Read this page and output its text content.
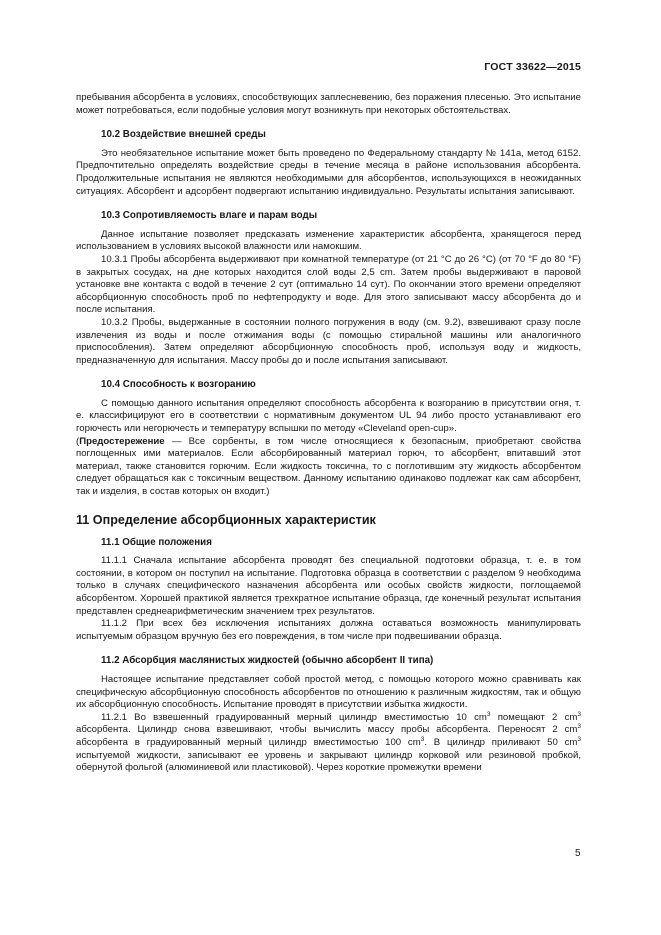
ГОСТ 33622—2015

пребывания абсорбента в условиях, способствующих заплесневению, без поражения плесенью. Это испытание может потребоваться, если подобные условия могут возникнуть при некоторых обстоятельствах.

10.2 Воздействие внешней среды

Это необязательное испытание может быть проведено по Федеральному стандарту № 141а, метод 6152. Предпочтительно определять воздействие среды в течение месяца в районе использования абсорбента. Продолжительные испытания не являются необходимыми для абсорбентов, использующихся в неожиданных ситуациях. Абсорбент и адсорбент подвергают испытанию индивидуально. Результаты испытания записывают.

10.3 Сопротивляемость влаге и парам воды

Данное испытание позволяет предсказать изменение характеристик абсорбента, хранящегося перед использованием в условиях высокой влажности или намокшим.

10.3.1 Пробы абсорбента выдерживают при комнатной температуре (от 21 °С до 26 °С) (от 70 °F до 80 °F) в закрытых сосудах, на дне которых находится слой воды 2,5 cm. Затем пробы выдерживают в паровой установке вне контакта с водой в течение 2 сут (оптимально 14 сут). По окончании этого времени определяют абсорбционную способность проб по нефтепродукту и воде. Для этого записывают массу абсорбента до и после испытания.

10.3.2 Пробы, выдержанные в состоянии полного погружения в воду (см. 9.2), взвешивают сразу после извлечения из воды и после отжимания воды (с помощью стиральной машины или аналогичного приспособления). Затем определяют абсорбционную способность проб, используя воду и жидкость, предназначенную для испытания. Массу пробы до и после испытания записывают.

10.4 Способность к возгоранию

С помощью данного испытания определяют способность абсорбента к возгоранию в присутствии огня, т. е. классифицируют его в соответствии с нормативным документом UL 94 либо просто устанавливают его горючесть или негорючесть и температуру вспышки по методу «Cleveland open-cup».

(Предостережение — Все сорбенты, в том числе относящиеся к безопасным, приобретают свойства поглощенных ими материалов. Если абсорбированный материал горюч, то абсорбент, впитавший этот материал, также становится горючим. Если жидкость токсична, то с поглотившим эту жидкость абсорбентом следует обращаться как с токсичным веществом. Данному испытанию одинаково подлежат как сам абсорбент, так и изделия, в состав которых он входит.)

11 Определение абсорбционных характеристик
11.1 Общие положения

11.1.1 Сначала испытание абсорбента проводят без специальной подготовки образца, т. е. в том состоянии, в котором он поступил на испытание. Подготовка образца в соответствии с разделом 9 необходима только в случаях специфического назначения абсорбента или особых свойств жидкости, поглощаемой абсорбентом. Хорошей практикой является трехкратное испытание образца, где конечный результат испытания представлен среднеарифметическим значением трех результатов.

11.1.2 При всех без исключения испытаниях должна оставаться возможность манипулировать испытуемым образцом вручную без его повреждения, в том числе при подвешивании образца.

11.2 Абсорбция маслянистых жидкостей (обычно абсорбент II типа)

Настоящее испытание представляет собой простой метод, с помощью которого можно сравнивать как специфическую абсорбционную способность абсорбентов по отношению к различным жидкостям, так и общую их абсорбционную способность. Испытание проводят в присутствии избытка жидкости.

11.2.1 Во взвешенный градуированный мерный цилиндр вместимостью 10 $cm^3$ помещают 2 $cm^3$ абсорбента. Цилиндр снова взвешивают, чтобы вычислить массу пробы абсорбента. Переносят 2 $cm^3$ абсорбента в градуированный мерный цилиндр вместимостью 100 $cm^3$. В цилиндр приливают 50 $cm^3$ испытуемой жидкости, записывают ее уровень и закрывают цилиндр корковой или резиновой пробкой, обернутой фольгой (алюминиевой или пластиковой). Через короткие промежутки времени

5
